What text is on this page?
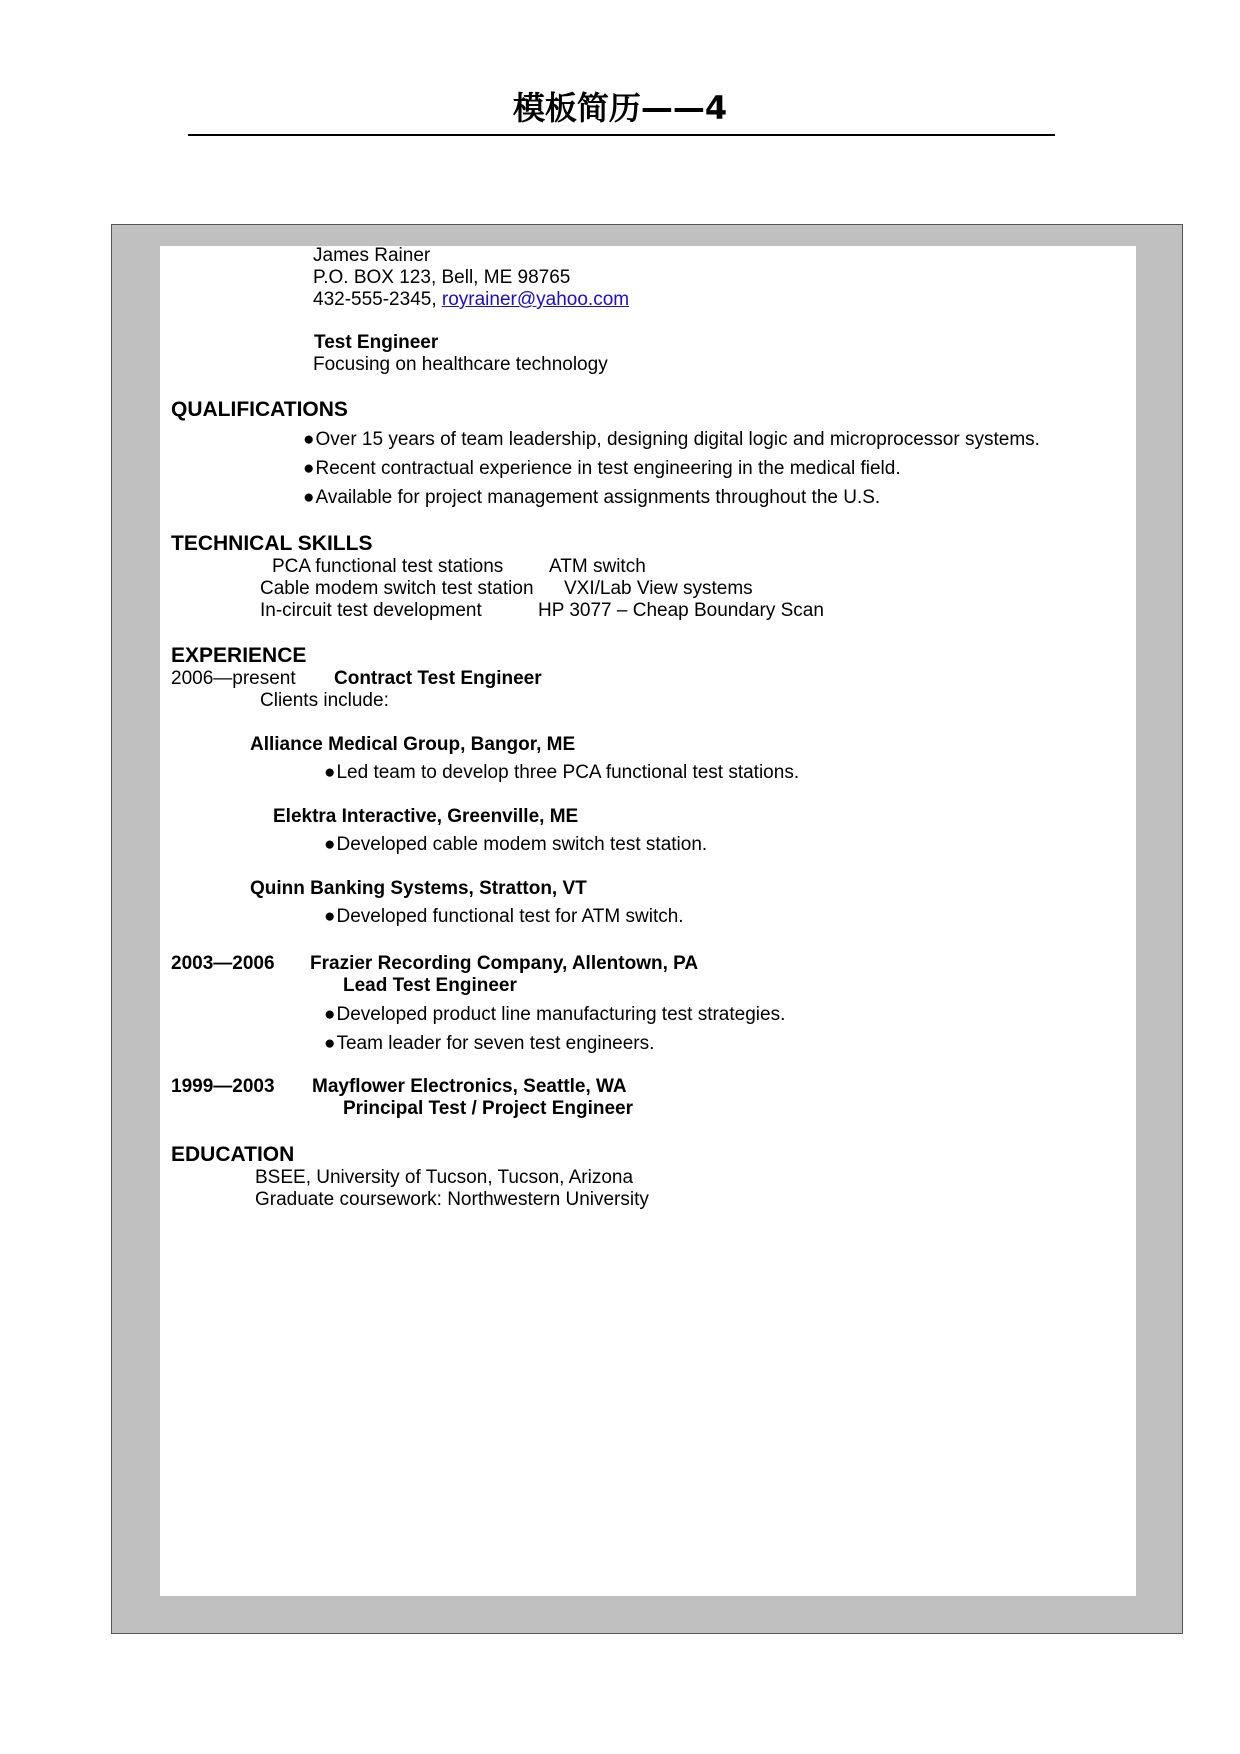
模板简历——4
James Rainer
P.O. BOX 123, Bell, ME 98765
432-555-2345, royrainer@yahoo.com
Test Engineer
Focusing on healthcare technology
QUALIFICATIONS
● Over 15 years of team leadership, designing digital logic and microprocessor systems.
● Recent contractual experience in test engineering in the medical field.
● Available for project management assignments throughout the U.S.
TECHNICAL SKILLS
PCA functional test stations ATM switch
Cable modem switch test station VXI/Lab View systems
In-circuit test development	HP 3077 – Cheap Boundary Scan
EXPERIENCE
2006—present Contract Test Engineer
Clients include:
Alliance Medical Group, Bangor, ME
● Led team to develop three PCA functional test stations.
Elektra Interactive, Greenville, ME
● Developed cable modem switch test station.
Quinn Banking Systems, Stratton, VT
● Developed functional test for ATM switch.
2003—2006 Frazier Recording Company, Allentown, PA
Lead Test Engineer
● Developed product line manufacturing test strategies.
● Team leader for seven test engineers.
1999—2003 Mayflower Electronics, Seattle, WA
Principal Test / Project Engineer
EDUCATION
BSEE, University of Tucson, Tucson, Arizona
Graduate coursework: Northwestern University
